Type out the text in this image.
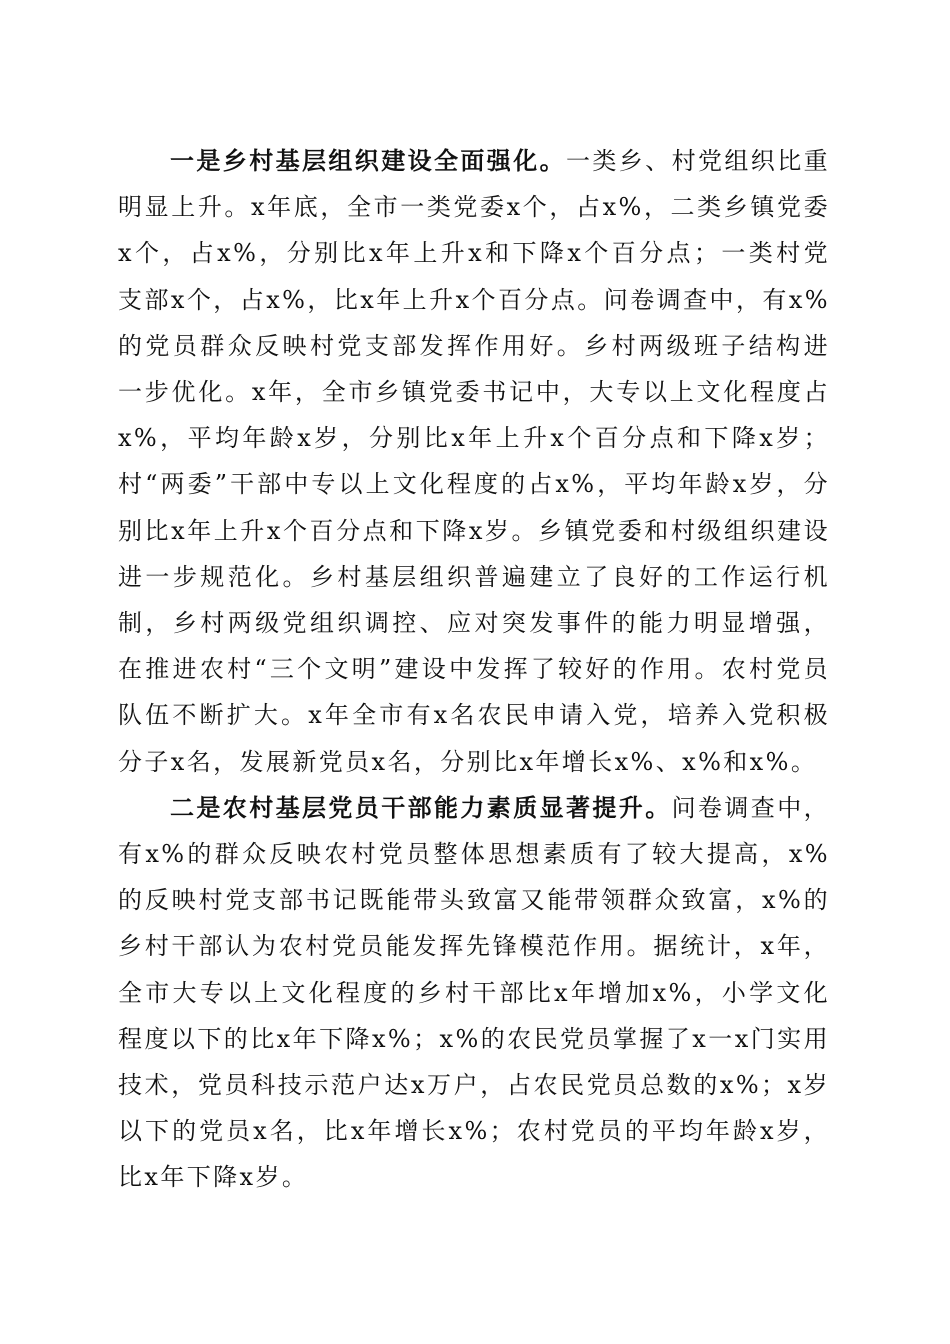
一是乡村基层组织建设全面强化。一类乡、村党组织比重明显上升。x年底，全市一类党委x个，占x%，二类乡镇党委x个，占x%，分别比x年上升x和下降x个百分点；一类村党支部x个，占x%，比x年上升x个百分点。问卷调查中，有x%的党员群众反映村党支部发挥作用好。乡村两级班子结构进一步优化。x年，全市乡镇党委书记中，大专以上文化程度占x%，平均年龄x岁，分别比x年上升x个百分点和下降x岁；村“两委”干部中专以上文化程度的占x%，平均年龄x岁，分别比x年上升x个百分点和下降x岁。乡镇党委和村级组织建设进一步规范化。乡村基层组织普遍建立了良好的工作运行机制，乡村两级党组织调控、应对突发事件的能力明显增强，在推进农村“三个文明”建设中发挥了较好的作用。农村党员队伍不断扩大。x年全市有x名农民申请入党，培养入党积极分子x名，发展新党员x名，分别比x年增长x%、x%和x%。

二是农村基层党员干部能力素质显著提升。问卷调查中，有x%的群众反映农村党员整体思想素质有了较大提高，x%的反映村党支部书记既能带头致富又能带领群众致富，x%的乡村干部认为农村党员能发挥先锋模范作用。据统计，x年，全市大专以上文化程度的乡村干部比x年增加x%，小学文化程度以下的比x年下降x%；x%的农民党员掌握了x一x门实用技术，党员科技示范户达x万户，占农民党员总数的x%；x岁以下的党员x名，比x年增长x%；农村党员的平均年龄x岁，比x年下降x岁。
